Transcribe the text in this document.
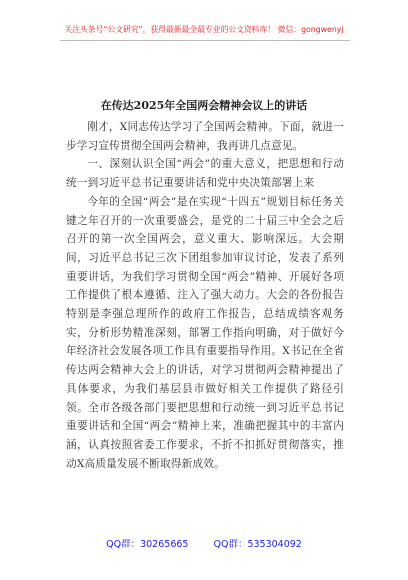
关注头条号“公文研究”，获得最新最全最专业的公文资料库！ 微信：gongwenyj
在传达2025年全国两会精神会议上的讲话

刚才，X同志传达学习了全国两会精神。下面，就进一步学习宣传贯彻全国两会精神，我再讲几点意见。

一、深刻认识全国“两会”的重大意义，把思想和行动统一到习近平总书记重要讲话和党中央决策部署上来

今年的全国“两会”是在实现“十四五”规划目标任务关键之年召开的一次重要盛会，是党的二十届三中全会之后召开的第一次全国两会，意义重大、影响深远。大会期间，习近平总书记三次下团组参加审议讨论，发表了系列重要讲话，为我们学习贯彻全国“两会”精神、开展好各项工作提供了根本遵循、注入了强大动力。大会的各份报告特别是李强总理所作的政府工作报告，总结成绩客观务实，分析形势精准深刻，部署工作指向明确，对于做好今年经济社会发展各项工作具有重要指导作用。X书记在全省传达两会精神大会上的讲话，对学习贯彻两会精神提出了具体要求，为我们基层县市做好相关工作提供了路径引领。全市各级各部门要把思想和行动统一到习近平总书记重要讲话和全国“两会”精神上来，准确把握其中的丰富内涵，认真按照省委工作要求，不折不扣抓好贯彻落实，推动X高质量发展不断取得新成效。

QQ群：30265665	QQ群：535304092
